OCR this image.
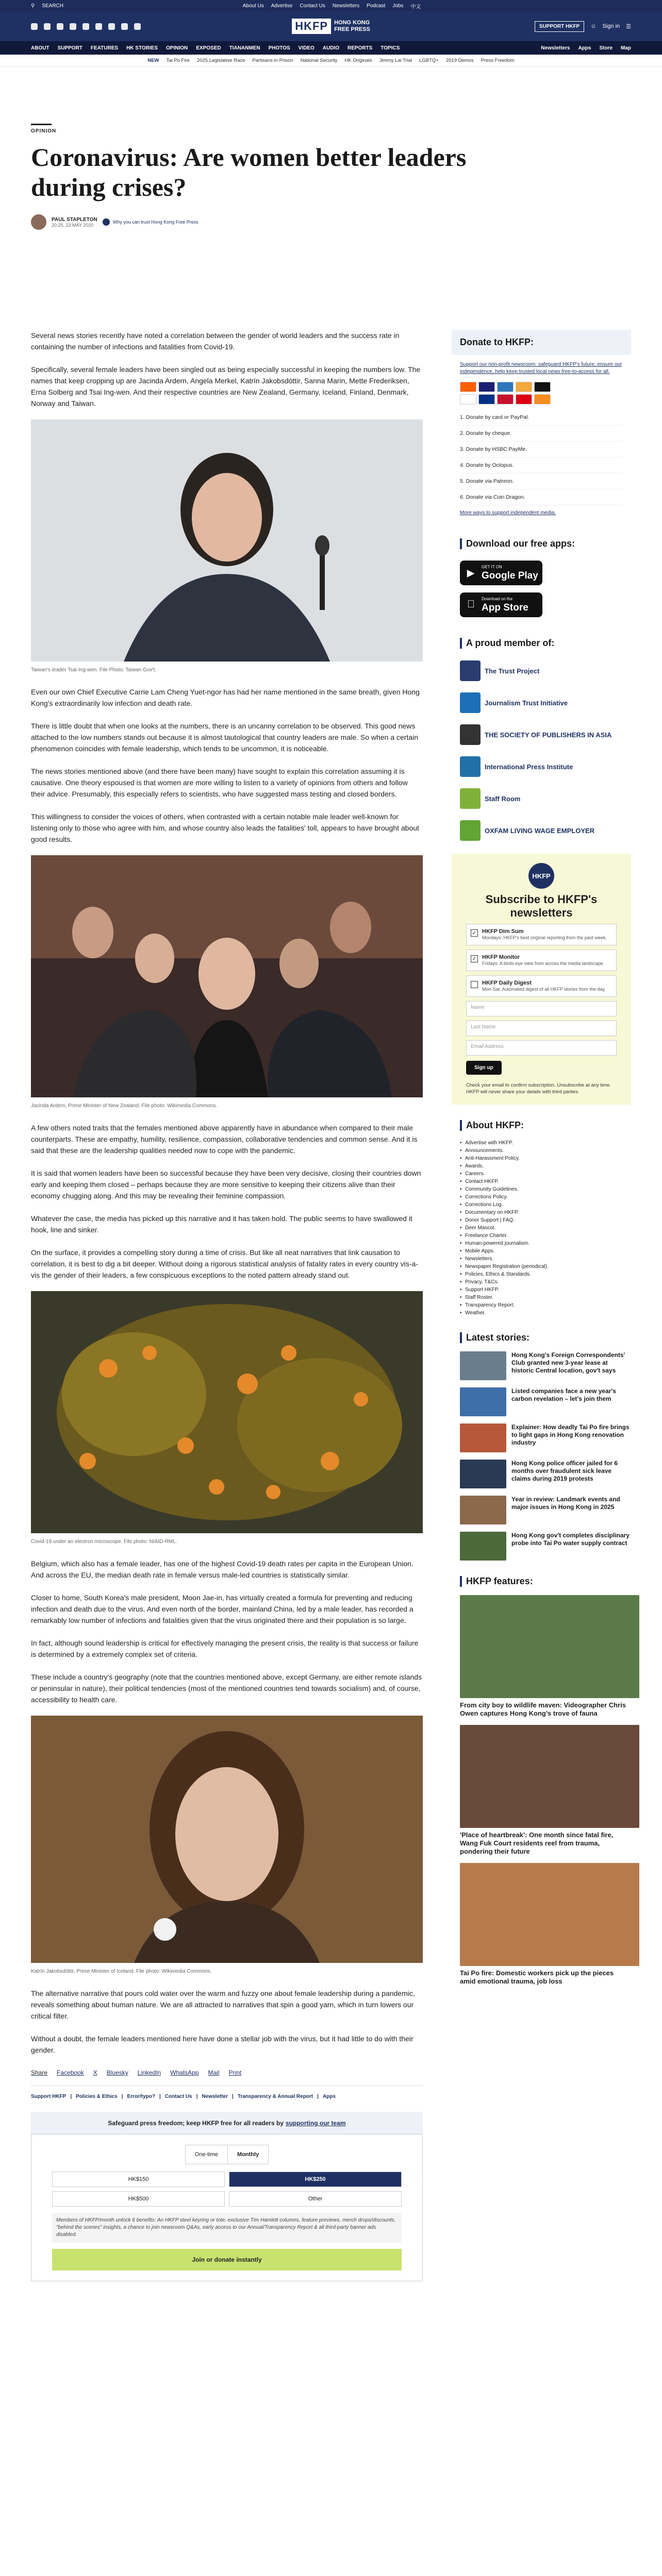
⚲ SEARCH	About Us Advertise Contact Us Newsletters Podcast Jobs 中文
HKFP	HONG KONG
FREE PRESS	SUPPORT HKFP	☺ Sign in ☰
ABOUT SUPPORT FEATURES HK STORIES OPINION EXPOSED TIANANMEN PHOTOS VIDEO AUDIO REPORTS TOPICS	Newsletters Apps Store Map
NEW Tai Po Fire 2025 Legislative Race Partisans in Prison National Security HK Originals Jimmy Lai Trial LGBTQ+ 2019 Demos Press Freedom
OPINION
Coronavirus: Are women better leaders during crises?
PAUL STAPLETON
20:25, 23 MAY 2020
Why you can trust Hong Kong Free Press

Several news stories recently have noted a correlation between the gender of world leaders and the success rate in containing the number of infections and fatalities from Covid-19.

Specifically, several female leaders have been singled out as being especially successful in keeping the numbers low. The names that keep cropping up are Jacinda Ardern, Angela Merkel, Katrín Jakobsdóttir, Sanna Marin, Mette Frederiksen, Erna Solberg and Tsai Ing-wen. And their respective countries are New Zealand, Germany, Iceland, Finland, Denmark, Norway and Taiwan.

Taiwan's leader Tsai Ing-wen. File Photo: Taiwan Gov't.

Even our own Chief Executive Carrie Lam Cheng Yuet-ngor has had her name mentioned in the same breath, given Hong Kong's extraordinarily low infection and death rate.

There is little doubt that when one looks at the numbers, there is an uncanny correlation to be observed. This good news attached to the low numbers stands out because it is almost tautological that country leaders are male. So when a certain phenomenon coincides with female leadership, which tends to be uncommon, it is noticeable.

The news stories mentioned above (and there have been many) have sought to explain this correlation assuming it is causative. One theory espoused is that women are more willing to listen to a variety of opinions from others and follow their advice. Presumably, this especially refers to scientists, who have suggested mass testing and closed borders.

This willingness to consider the voices of others, when contrasted with a certain notable male leader well-known for listening only to those who agree with him, and whose country also leads the fatalities' toll, appears to have brought about good results.

Jacinda Ardern, Prime Minister of New Zealand. File photo: Wikimedia Commons.

A few others noted traits that the females mentioned above apparently have in abundance when compared to their male counterparts. These are empathy, humility, resilience, compassion, collaborative tendencies and common sense. And it is said that these are the leadership qualities needed now to cope with the pandemic.

It is said that women leaders have been so successful because they have been very decisive, closing their countries down early and keeping them closed – perhaps because they are more sensitive to keeping their citizens alive than their economy chugging along. And this may be revealing their feminine compassion.

Whatever the case, the media has picked up this narrative and it has taken hold. The public seems to have swallowed it hook, line and sinker.

On the surface, it provides a compelling story during a time of crisis. But like all neat narratives that link causation to correlation, it is best to dig a bit deeper. Without doing a rigorous statistical analysis of fatality rates in every country vis-a-vis the gender of their leaders, a few conspicuous exceptions to the noted pattern already stand out.

Covid-19 under an electron microscope. File photo: NIAID-RML.

Belgium, which also has a female leader, has one of the highest Covid-19 death rates per capita in the European Union. And across the EU, the median death rate in female versus male-led countries is statistically similar.

Closer to home, South Korea's male president, Moon Jae-in, has virtually created a formula for preventing and reducing infection and death due to the virus. And even north of the border, mainland China, led by a male leader, has recorded a remarkably low number of infections and fatalities given that the virus originated there and their population is so large.

In fact, although sound leadership is critical for effectively managing the present crisis, the reality is that success or failure is determined by a extremely complex set of criteria.

These include a country's geography (note that the countries mentioned above, except Germany, are either remote islands or peninsular in nature), their political tendencies (most of the mentioned countries tend towards socialism) and, of course, accessibility to health care.

Katrín Jakobsdóttir, Prime Minister of Iceland. File photo: Wikimedia Commons.

The alternative narrative that pours cold water over the warm and fuzzy one about female leadership during a pandemic, reveals something about human nature. We are all attracted to narratives that spin a good yarn, which in turn lowers our critical filter.

Without a doubt, the female leaders mentioned here have done a stellar job with the virus, but it had little to do with their gender.

Share Facebook X Bluesky LinkedIn WhatsApp Mail Print
Support HKFP | Policies & Ethics | Error/typo? | Contact Us | Newsletter | Transparency & Annual Report | Apps
Safeguard press freedom; keep HKFP free for all readers by supporting our team
One-time	Monthly
HK$150	HK$250
HK$500	Other
Members of HKFP/month unlock 6 benefits: An HKFP steel keyring or tote, exclusive Tim Hamlett columns, feature previews, merch drops/discounts, "behind the scenes" insights, a chance to join newsroom Q&As, early access to our Annual/Transparency Report & all third-party banner ads disabled.
Join or donate instantly
Donate to HKFP:
Support our non-profit newsroom: safeguard HKFP's future, ensure our independence, help keep trusted local news free-to-access for all.
1. Donate by card or PayPal.
2. Donate by cheque.
3. Donate by HSBC PayMe.
4. Donate by Octopus.
5. Donate via Patreon.
6. Donate via Coin Dragon.
More ways to support independent media.
Download our free apps:
▶
GET IT ON
Google Play
Download on the
App Store
A proud member of:
The Trust Project
Journalism Trust Initiative
THE SOCIETY OF PUBLISHERS IN ASIA
International Press Institute
Staff Room
OXFAM LIVING WAGE EMPLOYER
HKFP
Subscribe to HKFP's newsletters
✓ HKFP Dim Sum
Mondays: HKFP's best original reporting from the past week.
✓ HKFP Monitor
Fridays: A birds-eye view from across the media landscape.
HKFP Daily Digest
Mon-Sat: Automated digest of all HKFP stories from the day.
Name
Last Name
Email Address
Sign up
Check your email to confirm subscription. Unsubscribe at any time. HKFP will never share your details with third parties.
About HKFP:
• Advertise with HKFP.
• Announcements.
• Anti-Harassment Policy.
• Awards.
• Careers.
• Contact HKFP.
• Community Guidelines.
• Corrections Policy.
• Corrections Log.
• Documentary on HKFP.
• Donor Support | FAQ.
• Deer Mascot.
• Freelance Charter.
• Human-powered journalism.
• Mobile Apps.
• Newsletters.
• Newspaper Registration (periodical).
• Policies, Ethics & Standards.
• Privacy, T&Cs.
• Support HKFP.
• Staff Roster.
• Transparency Report.
• Weather.
Latest stories:
Hong Kong's Foreign Correspondents' Club granted new 3-year lease at historic Central location, gov't says
Listed companies face a new year's carbon revelation – let's join them
Explainer: How deadly Tai Po fire brings to light gaps in Hong Kong renovation industry
Hong Kong police officer jailed for 6 months over fraudulent sick leave claims during 2019 protests
Year in review: Landmark events and major issues in Hong Kong in 2025
Hong Kong gov't completes disciplinary probe into Tai Po water supply contract
HKFP features:
From city boy to wildlife maven: Videographer Chris Owen captures Hong Kong's trove of fauna
'Place of heartbreak': One month since fatal fire, Wang Fuk Court residents reel from trauma, pondering their future
Tai Po fire: Domestic workers pick up the pieces amid emotional trauma, job loss
